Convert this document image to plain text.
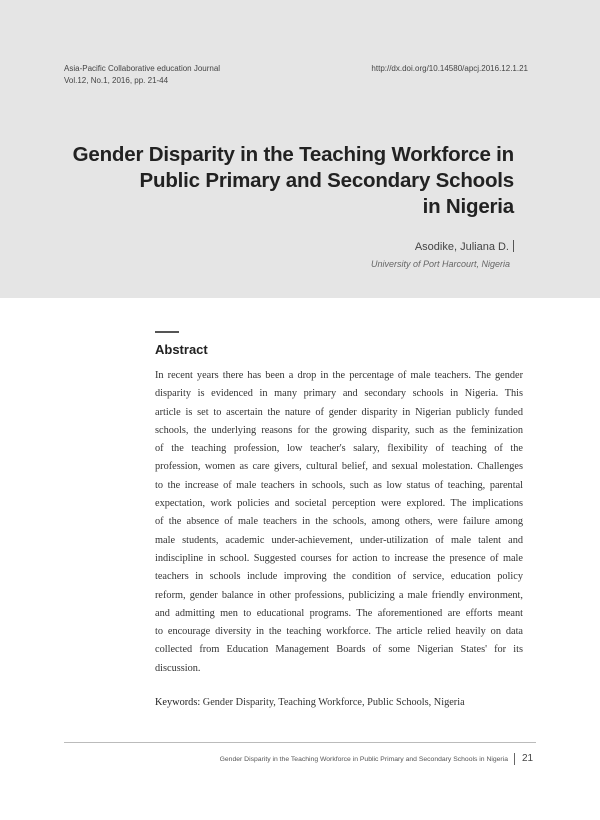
Asia-Pacific Collaborative education Journal
Vol.12, No.1, 2016, pp. 21-44
http://dx.doi.org/10.14580/apcj.2016.12.1.21
Gender Disparity in the Teaching Workforce in
Public Primary and Secondary Schools
in Nigeria
Asodike, Juliana D.
University of Port Harcourt, Nigeria
Abstract
In recent years there has been a drop in the percentage of male teachers. The gender
disparity is evidenced in many primary and secondary schools in Nigeria. This
article is set to ascertain the nature of gender disparity in Nigerian publicly funded
schools, the underlying reasons for the growing disparity, such as the feminization
of the teaching profession, low teacher's salary, flexibility of teaching of the
profession, women as care givers, cultural belief, and sexual molestation. Challenges
to the increase of male teachers in schools, such as low status of teaching, parental
expectation, work policies and societal perception were explored. The implications
of the absence of male teachers in the schools, among others, were failure among
male students, academic under-achievement, under-utilization of male talent and
indiscipline in school. Suggested courses for action to increase the presence of male
teachers in schools include improving the condition of service, education policy
reform, gender balance in other professions, publicizing a male friendly environment,
and admitting men to educational programs. The aforementioned are efforts meant
to encourage diversity in the teaching workforce. The article relied heavily on data
collected from Education Management Boards of some Nigerian States' for its
discussion.
Keywords: Gender Disparity, Teaching Workforce, Public Schools, Nigeria
Gender Disparity in the Teaching Workforce in Public Primary and Secondary Schools in Nigeria 21
